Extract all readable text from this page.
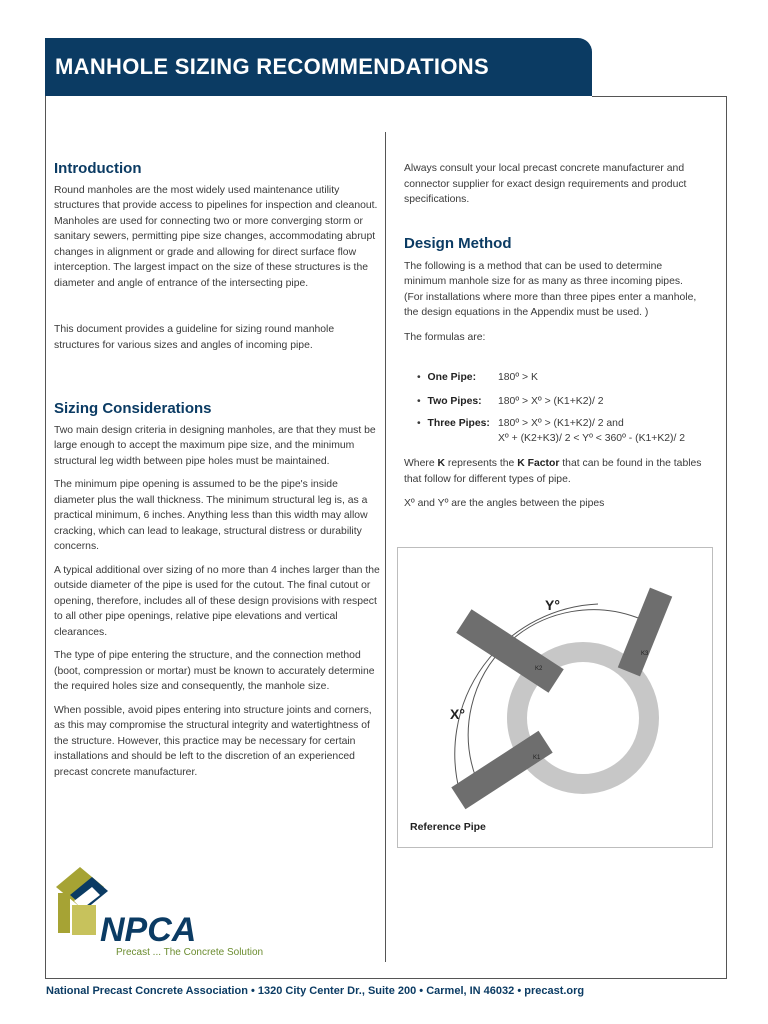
MANHOLE SIZING RECOMMENDATIONS

Introduction

Round manholes are the most widely used maintenance utility structures that provide access to pipelines for inspection and cleanout. Manholes are used for connecting two or more converging storm or sanitary sewers, permitting pipe size changes, accommodating abrupt changes in alignment or grade and allowing for direct surface flow interception. The largest impact on the size of these structures is the diameter and angle of entrance of the intersecting pipe.

This document provides a guideline for sizing round manhole structures for various sizes and angles of incoming pipe.

Sizing Considerations

Two main design criteria in designing manholes, are that they must be large enough to accept the maximum pipe size, and the minimum structural leg width between pipe holes must be maintained.

The minimum pipe opening is assumed to be the pipe's inside diameter plus the wall thickness. The minimum structural leg is, as a practical minimum, 6 inches. Anything less than this width may allow cracking, which can lead to leakage, structural distress or durability concerns.

A typical additional over sizing of no more than 4 inches larger than the outside diameter of the pipe is used for the cutout. The final cutout or opening, therefore, includes all of these design provisions with respect to all other pipe openings, relative pipe elevations and vertical clearances.

The type of pipe entering the structure, and the connection method (boot, compression or mortar) must be known to accurately determine the required holes size and consequently, the manhole size.

When possible, avoid pipes entering into structure joints and corners, as this may compromise the structural integrity and watertightness of the structure. However, this practice may be necessary for certain installations and should be left to the discretion of an experienced precast concrete manufacturer.

Always consult your local precast concrete manufacturer and connector supplier for exact design requirements and product specifications.

Design Method

The following is a method that can be used to determine minimum manhole size for as many as three incoming pipes. (For installations where more than three pipes enter a manhole, the design equations in the Appendix must be used. )

The formulas are:

• One Pipe: 180º > K
• Two Pipes: 180º > Xº > (K1+K2)/ 2
• Three Pipes: 180º > Xº > (K1+K2)/ 2 and
Xº + (K2+K3)/ 2 < Yº < 360º - (K1+K2)/ 2

Where K represents the K Factor that can be found in the tables that follow for different types of pipe.

Xº and Yº are the angles between the pipes

K2
K3
K1
Y°
X°
Reference Pipe
NPCA
Precast ... The Concrete Solution
National Precast Concrete Association • 1320 City Center Dr., Suite 200 • Carmel, IN 46032 • precast.org
